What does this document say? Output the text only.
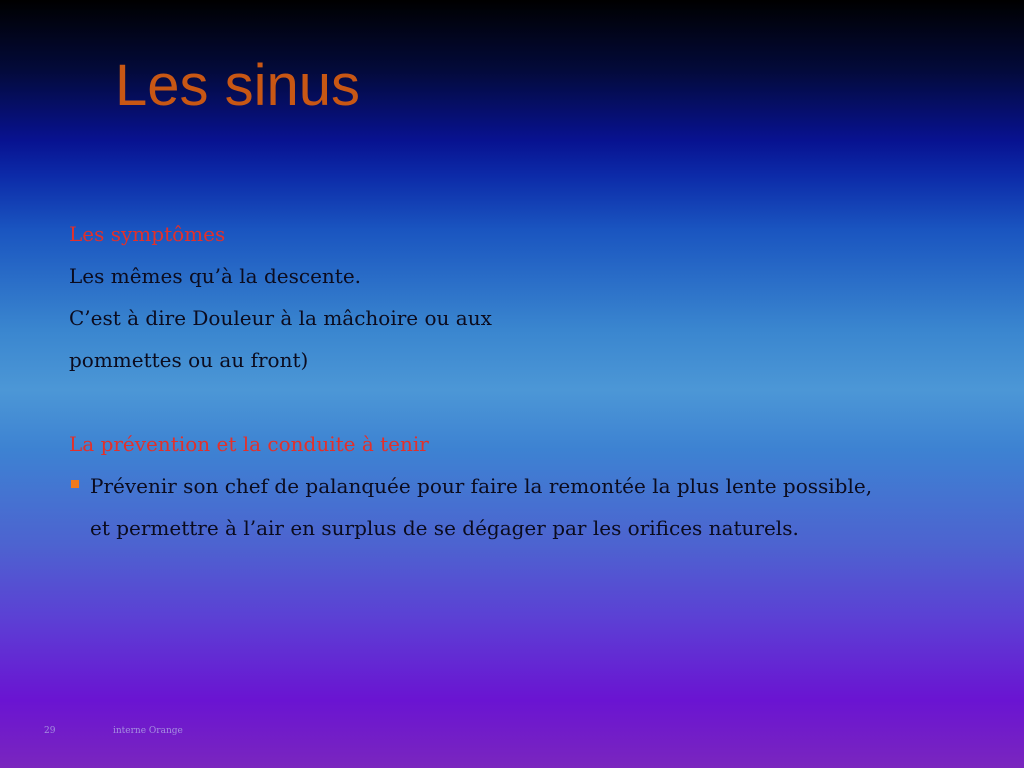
Les sinus
Les symptômes
Les mêmes qu’à la descente.
C’est à dire Douleur à la mâchoire ou aux
pommettes ou au front)
La prévention et la conduite à tenir
Prévenir son chef de palanquée pour faire la remontée la plus lente possible,
et permettre à l’air en surplus de se dégager par les orifices naturels.
29	interne Orange
